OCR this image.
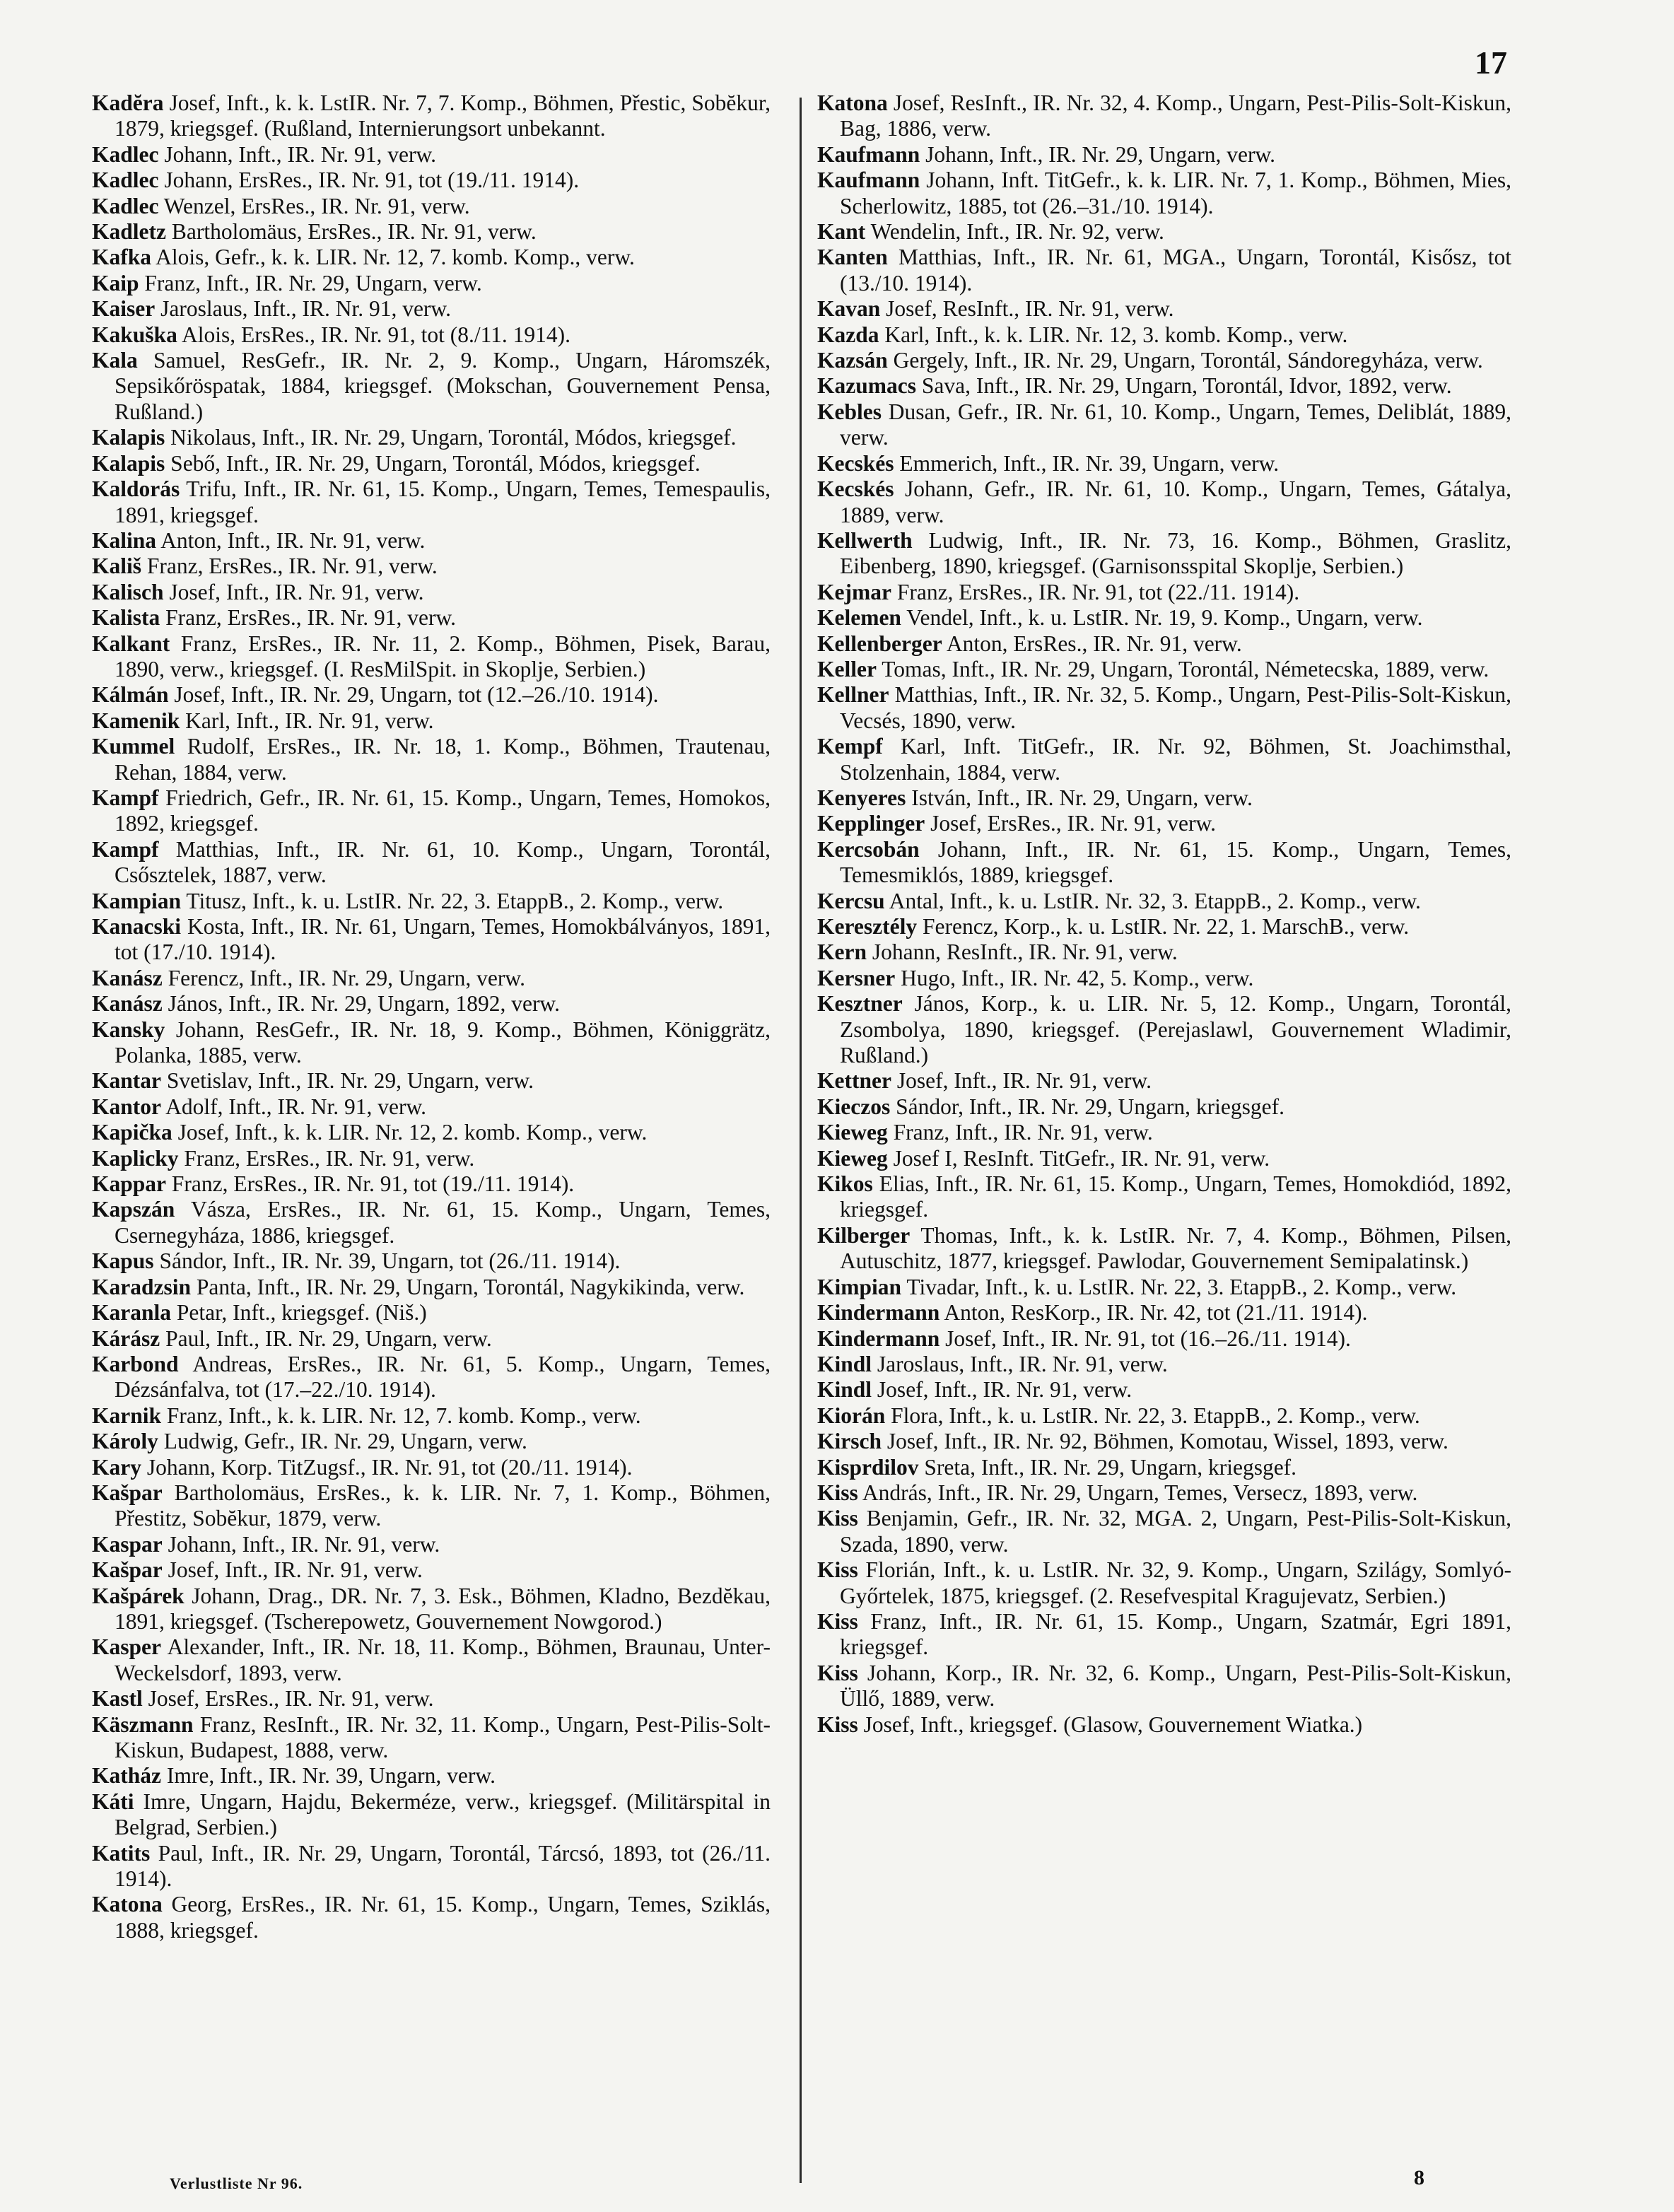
17

Kadĕra Josef, Inft., k. k. LstIR. Nr. 7, 7. Komp., Böhmen, Přestic, Sobĕkur, 1879, kriegsgef. (Rußland, Internierungsort unbekannt.

Kadlec Johann, Inft., IR. Nr. 91, verw.

Kadlec Johann, ErsRes., IR. Nr. 91, tot (19./11. 1914).

Kadlec Wenzel, ErsRes., IR. Nr. 91, verw.

Kadletz Bartholomäus, ErsRes., IR. Nr. 91, verw.

Kafka Alois, Gefr., k. k. LIR. Nr. 12, 7. komb. Komp., verw.

Kaip Franz, Inft., IR. Nr. 29, Ungarn, verw.

Kaiser Jaroslaus, Inft., IR. Nr. 91, verw.

Kakuška Alois, ErsRes., IR. Nr. 91, tot (8./11. 1914).

Kala Samuel, ResGefr., IR. Nr. 2, 9. Komp., Ungarn, Háromszék, Sepsikőröspatak, 1884, kriegsgef. (Mokschan, Gouvernement Pensa, Rußland.)

Kalapis Nikolaus, Inft., IR. Nr. 29, Ungarn, Torontál, Módos, kriegsgef.

Kalapis Sebő, Inft., IR. Nr. 29, Ungarn, Torontál, Módos, kriegsgef.

Kaldorás Trifu, Inft., IR. Nr. 61, 15. Komp., Ungarn, Temes, Temespaulis, 1891, kriegsgef.

Kalina Anton, Inft., IR. Nr. 91, verw.

Kališ Franz, ErsRes., IR. Nr. 91, verw.

Kalisch Josef, Inft., IR. Nr. 91, verw.

Kalista Franz, ErsRes., IR. Nr. 91, verw.

Kalkant Franz, ErsRes., IR. Nr. 11, 2. Komp., Böhmen, Pisek, Barau, 1890, verw., kriegsgef. (I. ResMilSpit. in Skoplje, Serbien.)

Kálmán Josef, Inft., IR. Nr. 29, Ungarn, tot (12.–26./10. 1914).

Kamenik Karl, Inft., IR. Nr. 91, verw.

Kummel Rudolf, ErsRes., IR. Nr. 18, 1. Komp., Böhmen, Trautenau, Rehan, 1884, verw.

Kampf Friedrich, Gefr., IR. Nr. 61, 15. Komp., Ungarn, Temes, Homokos, 1892, kriegsgef.

Kampf Matthias, Inft., IR. Nr. 61, 10. Komp., Ungarn, Torontál, Csősztelek, 1887, verw.

Kampian Titusz, Inft., k. u. LstIR. Nr. 22, 3. EtappB., 2. Komp., verw.

Kanacski Kosta, Inft., IR. Nr. 61, Ungarn, Temes, Homokbálványos, 1891, tot (17./10. 1914).

Kanász Ferencz, Inft., IR. Nr. 29, Ungarn, verw.

Kanász János, Inft., IR. Nr. 29, Ungarn, 1892, verw.

Kansky Johann, ResGefr., IR. Nr. 18, 9. Komp., Böhmen, Königgrätz, Polanka, 1885, verw.

Kantar Svetislav, Inft., IR. Nr. 29, Ungarn, verw.

Kantor Adolf, Inft., IR. Nr. 91, verw.

Kapička Josef, Inft., k. k. LIR. Nr. 12, 2. komb. Komp., verw.

Kaplicky Franz, ErsRes., IR. Nr. 91, verw.

Kappar Franz, ErsRes., IR. Nr. 91, tot (19./11. 1914).

Kapszán Vásza, ErsRes., IR. Nr. 61, 15. Komp., Ungarn, Temes, Csernegyháza, 1886, kriegsgef.

Kapus Sándor, Inft., IR. Nr. 39, Ungarn, tot (26./11. 1914).

Karadzsin Panta, Inft., IR. Nr. 29, Ungarn, Torontál, Nagykikinda, verw.

Karanla Petar, Inft., kriegsgef. (Niš.)

Kárász Paul, Inft., IR. Nr. 29, Ungarn, verw.

Karbond Andreas, ErsRes., IR. Nr. 61, 5. Komp., Ungarn, Temes, Dézsánfalva, tot (17.–22./10. 1914).

Karnik Franz, Inft., k. k. LIR. Nr. 12, 7. komb. Komp., verw.

Károly Ludwig, Gefr., IR. Nr. 29, Ungarn, verw.

Kary Johann, Korp. TitZugsf., IR. Nr. 91, tot (20./11. 1914).

Kašpar Bartholomäus, ErsRes., k. k. LIR. Nr. 7, 1. Komp., Böhmen, Přestitz, Sobĕkur, 1879, verw.

Kaspar Johann, Inft., IR. Nr. 91, verw.

Kašpar Josef, Inft., IR. Nr. 91, verw.

Kašpárek Johann, Drag., DR. Nr. 7, 3. Esk., Böhmen, Kladno, Bezdĕkau, 1891, kriegsgef. (Tscherepowetz, Gouvernement Nowgorod.)

Kasper Alexander, Inft., IR. Nr. 18, 11. Komp., Böhmen, Braunau, Unter-Weckelsdorf, 1893, verw.

Kastl Josef, ErsRes., IR. Nr. 91, verw.

Käszmann Franz, ResInft., IR. Nr. 32, 11. Komp., Ungarn, Pest-Pilis-Solt-Kiskun, Budapest, 1888, verw.

Katház Imre, Inft., IR. Nr. 39, Ungarn, verw.

Káti Imre, Ungarn, Hajdu, Bekerméze, verw., kriegsgef. (Militärspital in Belgrad, Serbien.)

Katits Paul, Inft., IR. Nr. 29, Ungarn, Torontál, Tárcsó, 1893, tot (26./11. 1914).

Katona Georg, ErsRes., IR. Nr. 61, 15. Komp., Ungarn, Temes, Sziklás, 1888, kriegsgef.

Katona Josef, ResInft., IR. Nr. 32, 4. Komp., Ungarn, Pest-Pilis-Solt-Kiskun, Bag, 1886, verw.

Kaufmann Johann, Inft., IR. Nr. 29, Ungarn, verw.

Kaufmann Johann, Inft. TitGefr., k. k. LIR. Nr. 7, 1. Komp., Böhmen, Mies, Scherlowitz, 1885, tot (26.–31./10. 1914).

Kant Wendelin, Inft., IR. Nr. 92, verw.

Kanten Matthias, Inft., IR. Nr. 61, MGA., Ungarn, Torontál, Kisősz, tot (13./10. 1914).

Kavan Josef, ResInft., IR. Nr. 91, verw.

Kazda Karl, Inft., k. k. LIR. Nr. 12, 3. komb. Komp., verw.

Kazsán Gergely, Inft., IR. Nr. 29, Ungarn, Torontál, Sándoregyháza, verw.

Kazumacs Sava, Inft., IR. Nr. 29, Ungarn, Torontál, Idvor, 1892, verw.

Kebles Dusan, Gefr., IR. Nr. 61, 10. Komp., Ungarn, Temes, Deliblát, 1889, verw.

Kecskés Emmerich, Inft., IR. Nr. 39, Ungarn, verw.

Kecskés Johann, Gefr., IR. Nr. 61, 10. Komp., Ungarn, Temes, Gátalya, 1889, verw.

Kellwerth Ludwig, Inft., IR. Nr. 73, 16. Komp., Böhmen, Graslitz, Eibenberg, 1890, kriegsgef. (Garnisonsspital Skoplje, Serbien.)

Kejmar Franz, ErsRes., IR. Nr. 91, tot (22./11. 1914).

Kelemen Vendel, Inft., k. u. LstIR. Nr. 19, 9. Komp., Ungarn, verw.

Kellenberger Anton, ErsRes., IR. Nr. 91, verw.

Keller Tomas, Inft., IR. Nr. 29, Ungarn, Torontál, Németecska, 1889, verw.

Kellner Matthias, Inft., IR. Nr. 32, 5. Komp., Ungarn, Pest-Pilis-Solt-Kiskun, Vecsés, 1890, verw.

Kempf Karl, Inft. TitGefr., IR. Nr. 92, Böhmen, St. Joachimsthal, Stolzenhain, 1884, verw.

Kenyeres István, Inft., IR. Nr. 29, Ungarn, verw.

Kepplinger Josef, ErsRes., IR. Nr. 91, verw.

Kercsobán Johann, Inft., IR. Nr. 61, 15. Komp., Ungarn, Temes, Temesmiklós, 1889, kriegsgef.

Kercsu Antal, Inft., k. u. LstIR. Nr. 32, 3. EtappB., 2. Komp., verw.

Keresztély Ferencz, Korp., k. u. LstIR. Nr. 22, 1. MarschB., verw.

Kern Johann, ResInft., IR. Nr. 91, verw.

Kersner Hugo, Inft., IR. Nr. 42, 5. Komp., verw.

Kesztner János, Korp., k. u. LIR. Nr. 5, 12. Komp., Ungarn, Torontál, Zsombolya, 1890, kriegsgef. (Perejaslawl, Gouvernement Wladimir, Rußland.)

Kettner Josef, Inft., IR. Nr. 91, verw.

Kieczos Sándor, Inft., IR. Nr. 29, Ungarn, kriegsgef.

Kieweg Franz, Inft., IR. Nr. 91, verw.

Kieweg Josef I, ResInft. TitGefr., IR. Nr. 91, verw.

Kikos Elias, Inft., IR. Nr. 61, 15. Komp., Ungarn, Temes, Homokdiód, 1892, kriegsgef.

Kilberger Thomas, Inft., k. k. LstIR. Nr. 7, 4. Komp., Böhmen, Pilsen, Autuschitz, 1877, kriegsgef. Pawlodar, Gouvernement Semipalatinsk.)

Kimpian Tivadar, Inft., k. u. LstIR. Nr. 22, 3. EtappB., 2. Komp., verw.

Kindermann Anton, ResKorp., IR. Nr. 42, tot (21./11. 1914).

Kindermann Josef, Inft., IR. Nr. 91, tot (16.–26./11. 1914).

Kindl Jaroslaus, Inft., IR. Nr. 91, verw.

Kindl Josef, Inft., IR. Nr. 91, verw.

Kiorán Flora, Inft., k. u. LstIR. Nr. 22, 3. EtappB., 2. Komp., verw.

Kirsch Josef, Inft., IR. Nr. 92, Böhmen, Komotau, Wissel, 1893, verw.

Kisprdilov Sreta, Inft., IR. Nr. 29, Ungarn, kriegsgef.

Kiss András, Inft., IR. Nr. 29, Ungarn, Temes, Versecz, 1893, verw.

Kiss Benjamin, Gefr., IR. Nr. 32, MGA. 2, Ungarn, Pest-Pilis-Solt-Kiskun, Szada, 1890, verw.

Kiss Florián, Inft., k. u. LstIR. Nr. 32, 9. Komp., Ungarn, Szilágy, Somlyó-Győrtelek, 1875, kriegsgef. (2. Resefvespital Kragujevatz, Serbien.)

Kiss Franz, Inft., IR. Nr. 61, 15. Komp., Ungarn, Szatmár, Egri 1891, kriegsgef.

Kiss Johann, Korp., IR. Nr. 32, 6. Komp., Ungarn, Pest-Pilis-Solt-Kiskun, Üllő, 1889, verw.

Kiss Josef, Inft., kriegsgef. (Glasow, Gouvernement Wiatka.)

Verlustliste Nr 96.	8
